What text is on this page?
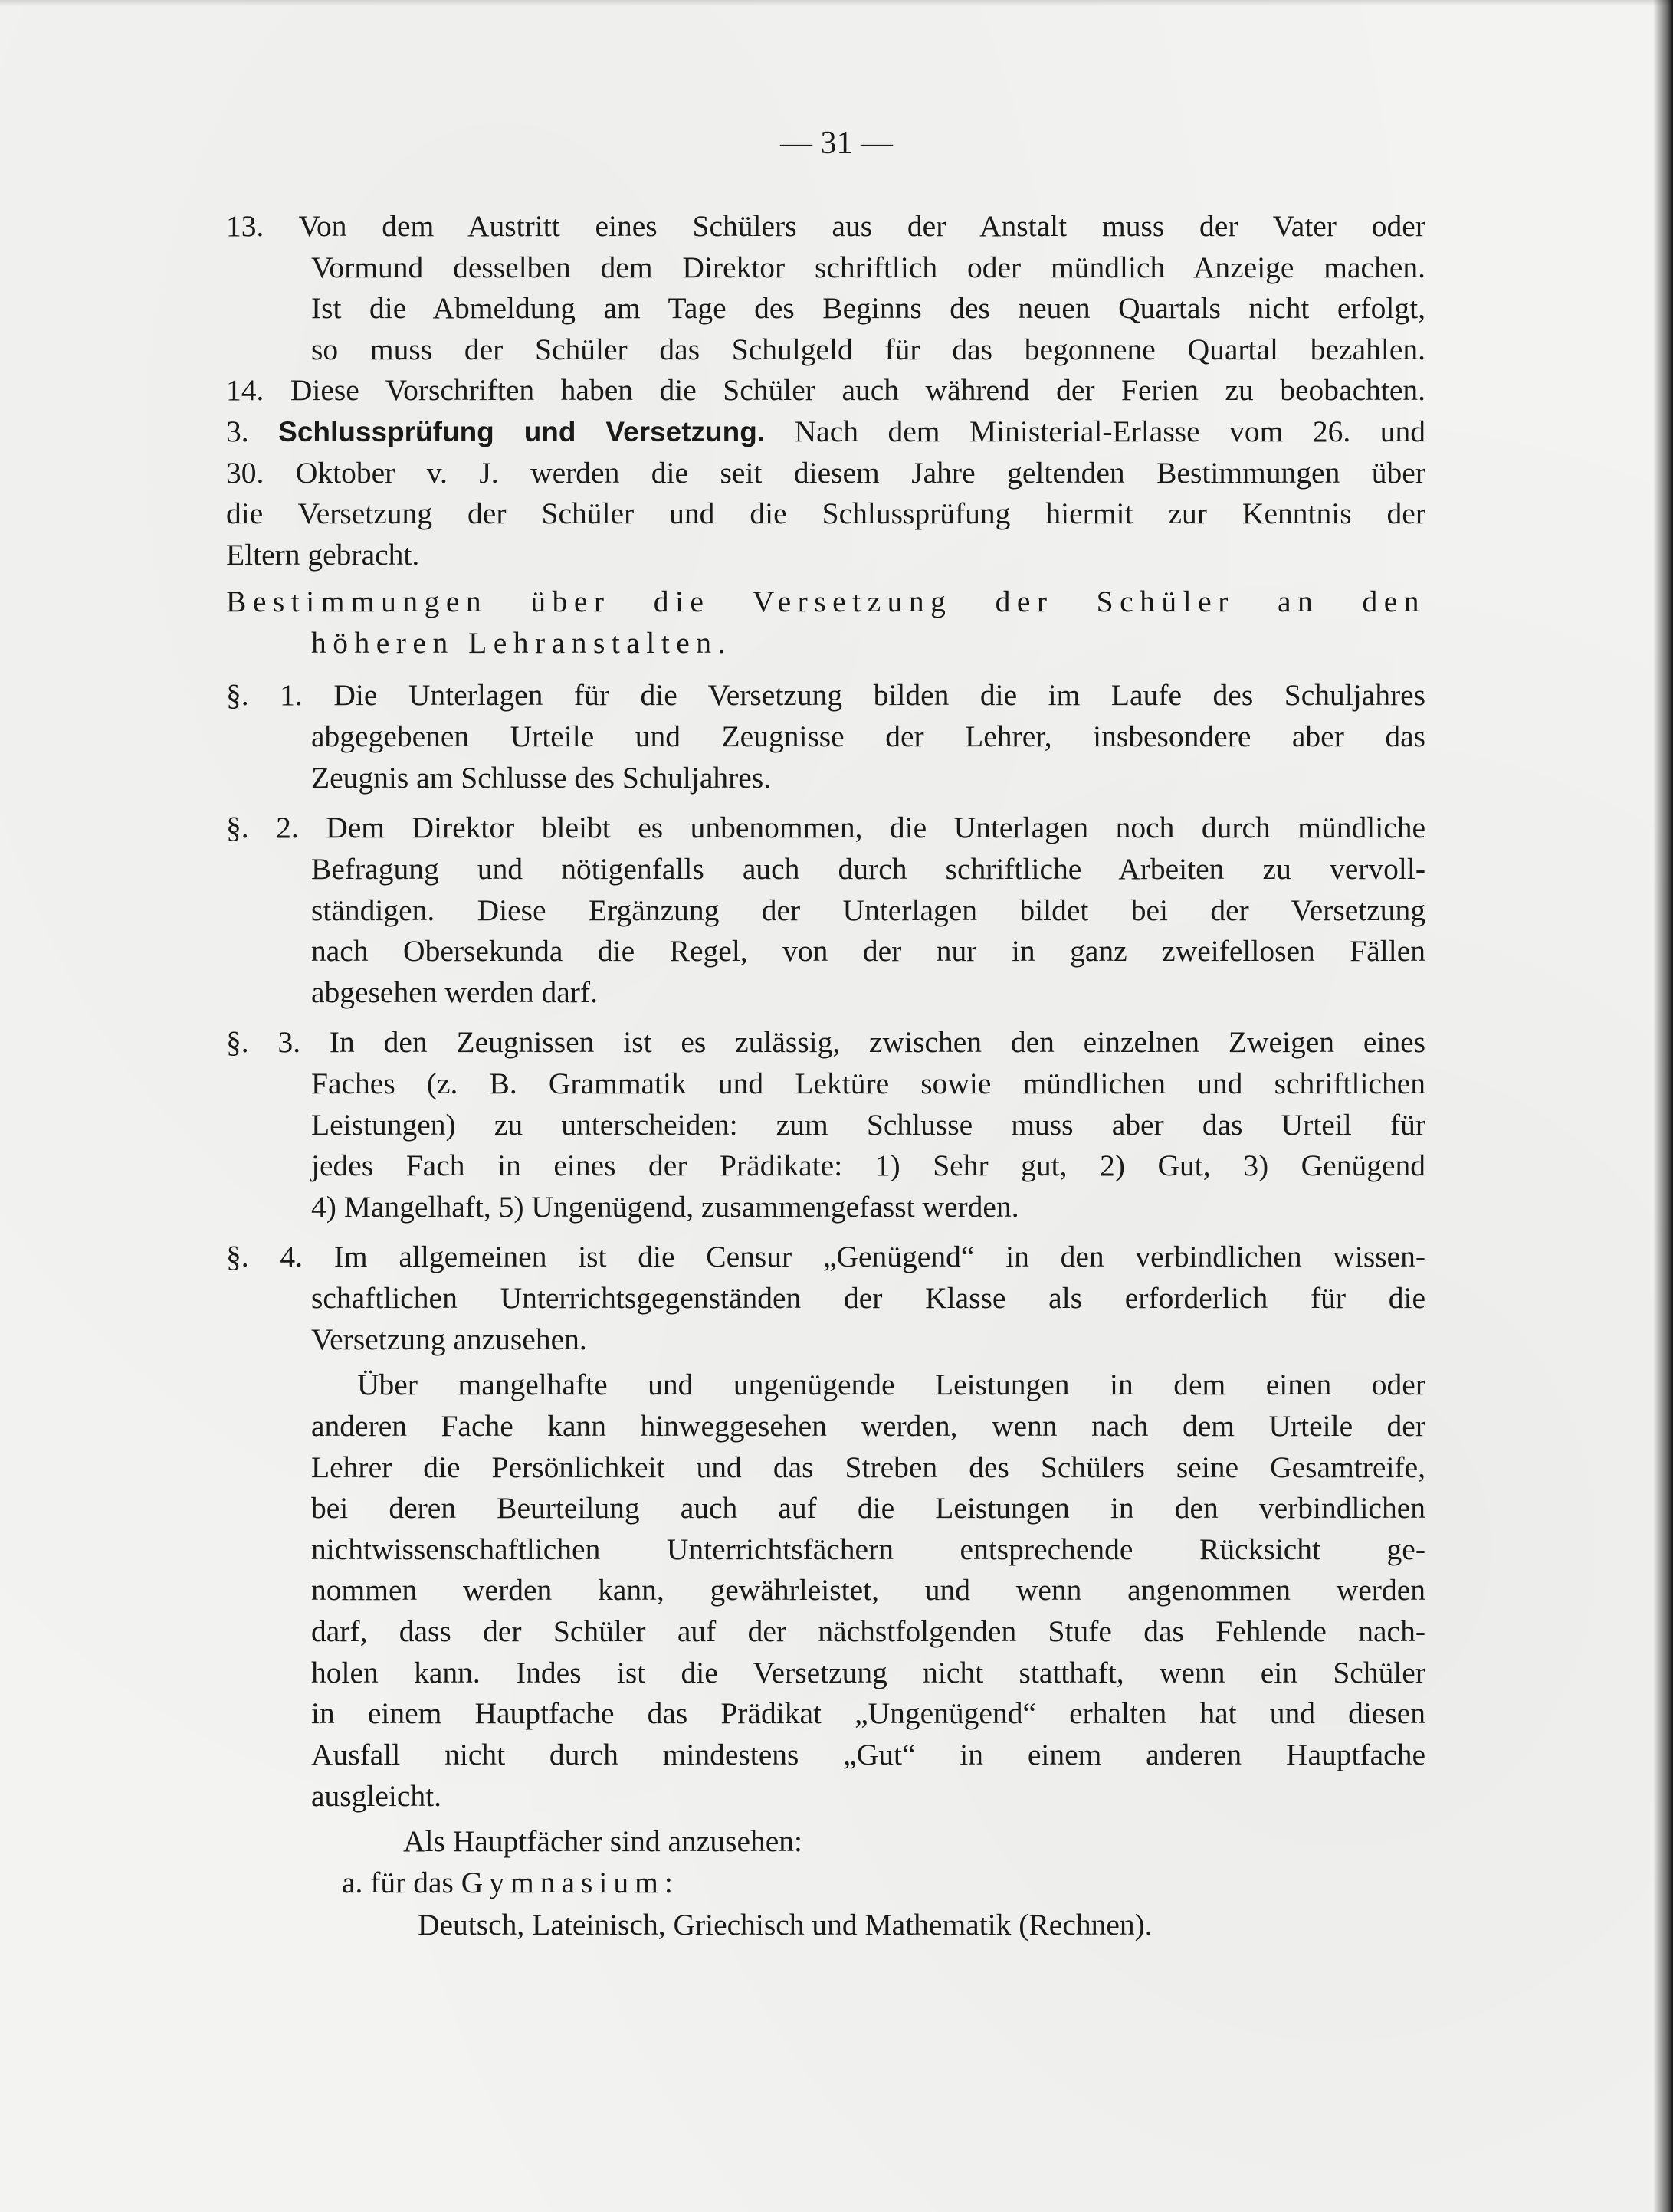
— 31 —

13. Von dem Austritt eines Schülers aus der Anstalt muss der Vater oder

Vormund desselben dem Direktor schriftlich oder mündlich Anzeige machen.

Ist die Abmeldung am Tage des Beginns des neuen Quartals nicht erfolgt,

so muss der Schüler das Schulgeld für das begonnene Quartal bezahlen.

14. Diese Vorschriften haben die Schüler auch während der Ferien zu beobachten.

3. Schlussprüfung und Versetzung. Nach dem Ministerial-Erlasse vom 26. und

30. Oktober v. J. werden die seit diesem Jahre geltenden Bestimmungen über

die Versetzung der Schüler und die Schlussprüfung hiermit zur Kenntnis der

Eltern gebracht.

Bestimmungen über die Versetzung der Schüler an den

höheren Lehranstalten.

§. 1. Die Unterlagen für die Versetzung bilden die im Laufe des Schuljahres

abgegebenen Urteile und Zeugnisse der Lehrer, insbesondere aber das

Zeugnis am Schlusse des Schuljahres.

§. 2. Dem Direktor bleibt es unbenommen, die Unterlagen noch durch mündliche

Befragung und nötigenfalls auch durch schriftliche Arbeiten zu vervoll-

ständigen. Diese Ergänzung der Unterlagen bildet bei der Versetzung

nach Obersekunda die Regel, von der nur in ganz zweifellosen Fällen

abgesehen werden darf.

§. 3. In den Zeugnissen ist es zulässig, zwischen den einzelnen Zweigen eines

Faches (z. B. Grammatik und Lektüre sowie mündlichen und schriftlichen

Leistungen) zu unterscheiden: zum Schlusse muss aber das Urteil für

jedes Fach in eines der Prädikate: 1) Sehr gut, 2) Gut, 3) Genügend

4) Mangelhaft, 5) Ungenügend, zusammengefasst werden.

§. 4. Im allgemeinen ist die Censur „Genügend“ in den verbindlichen wissen-

schaftlichen Unterrichtsgegenständen der Klasse als erforderlich für die

Versetzung anzusehen.

Über mangelhafte und ungenügende Leistungen in dem einen oder

anderen Fache kann hinweggesehen werden, wenn nach dem Urteile der

Lehrer die Persönlichkeit und das Streben des Schülers seine Gesamtreife,

bei deren Beurteilung auch auf die Leistungen in den verbindlichen

nichtwissenschaftlichen Unterrichtsfächern entsprechende Rücksicht ge-

nommen werden kann, gewährleistet, und wenn angenommen werden

darf, dass der Schüler auf der nächstfolgenden Stufe das Fehlende nach-

holen kann. Indes ist die Versetzung nicht statthaft, wenn ein Schüler

in einem Hauptfache das Prädikat „Ungenügend“ erhalten hat und diesen

Ausfall nicht durch mindestens „Gut“ in einem anderen Hauptfache

ausgleicht.

Als Hauptfächer sind anzusehen:

a. für das Gymnasium:

Deutsch, Lateinisch, Griechisch und Mathematik (Rechnen).
